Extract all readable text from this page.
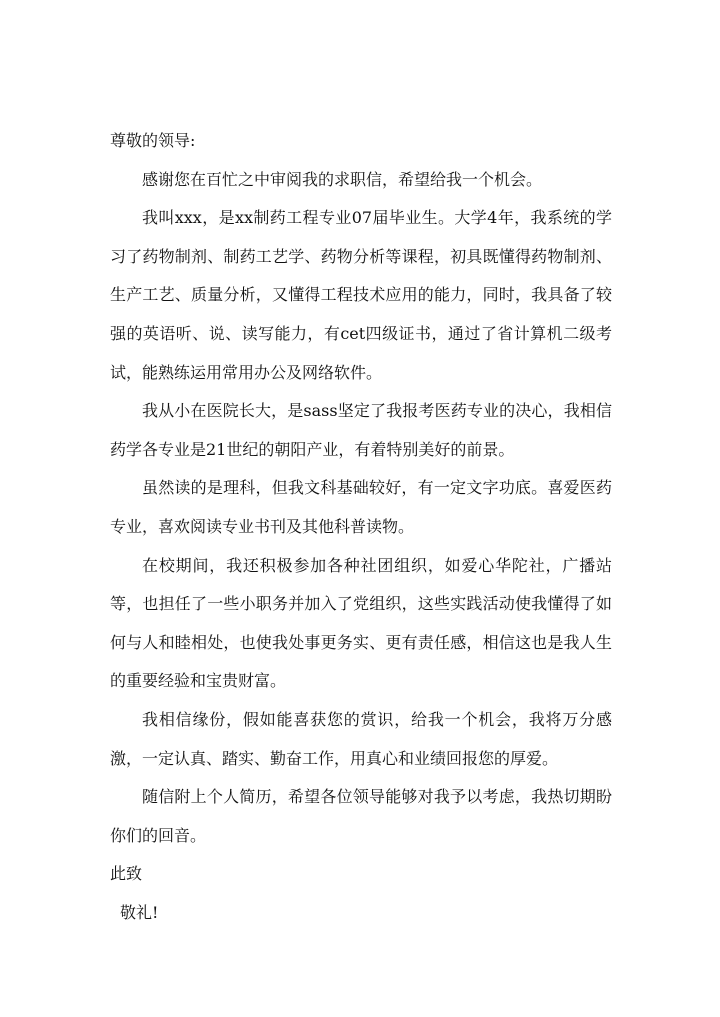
尊敬的领导:

感谢您在百忙之中审阅我的求职信，希望给我一个机会。

我叫xxx，是xx制药工程专业07届毕业生。大学4年，我系统的学习了药物制剂、制药工艺学、药物分析等课程，初具既懂得药物制剂、生产工艺、质量分析，又懂得工程技术应用的能力，同时，我具备了较强的英语听、说、读写能力，有cet四级证书，通过了省计算机二级考试，能熟练运用常用办公及网络软件。

我从小在医院长大，是sass坚定了我报考医药专业的决心，我相信药学各专业是21世纪的朝阳产业，有着特别美好的前景。

虽然读的是理科，但我文科基础较好，有一定文字功底。喜爱医药专业，喜欢阅读专业书刊及其他科普读物。

在校期间，我还积极参加各种社团组织，如爱心华陀社，广播站等，也担任了一些小职务并加入了党组织，这些实践活动使我懂得了如何与人和睦相处，也使我处事更务实、更有责任感，相信这也是我人生的重要经验和宝贵财富。

我相信缘份，假如能喜获您的赏识，给我一个机会，我将万分感激，一定认真、踏实、勤奋工作，用真心和业绩回报您的厚爱。

随信附上个人简历，希望各位领导能够对我予以考虑，我热切期盼你们的回音。

此致

敬礼!
